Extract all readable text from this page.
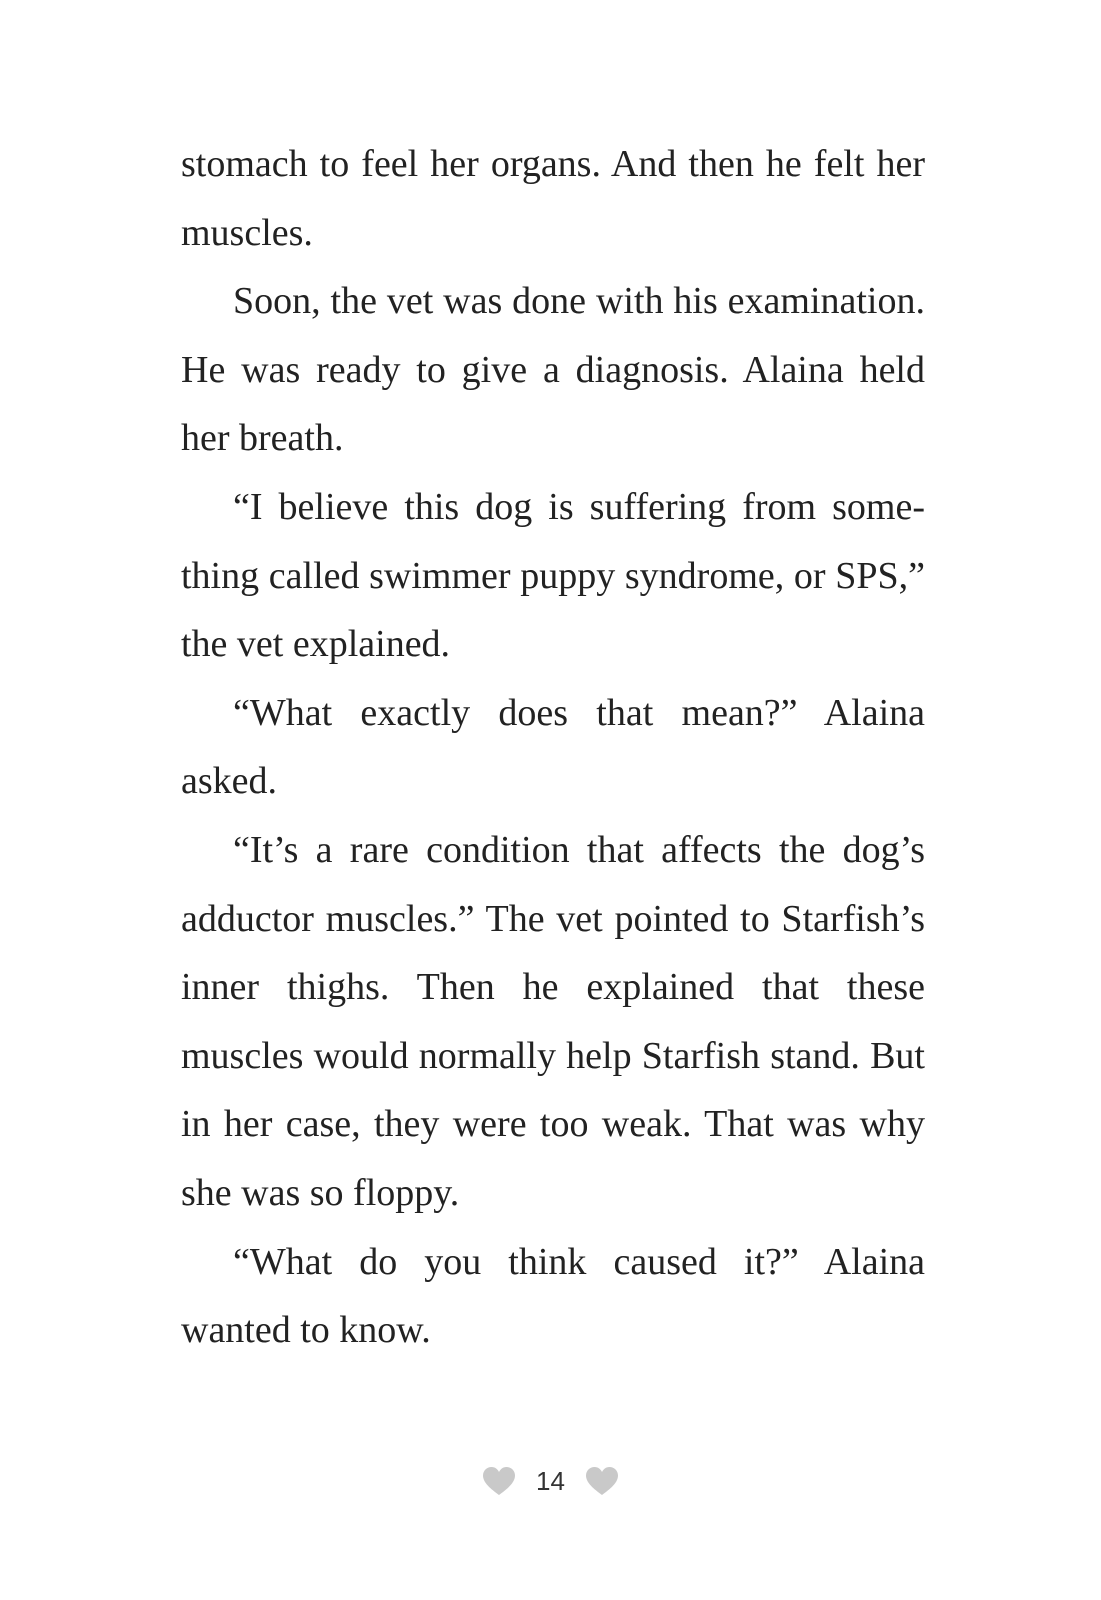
stomach to feel her organs. And then he felt her muscles.

Soon, the vet was done with his examination. He was ready to give a diagnosis. Alaina held her breath.

“I believe this dog is suffering from something called swimmer puppy syndrome, or SPS,” the vet explained.

“What exactly does that mean?” Alaina asked.

“It’s a rare condition that affects the dog’s adductor muscles.” The vet pointed to Starfish’s inner thighs. Then he explained that these muscles would normally help Starfish stand. But in her case, they were too weak. That was why she was so floppy.

“What do you think caused it?” Alaina wanted to know.

14
